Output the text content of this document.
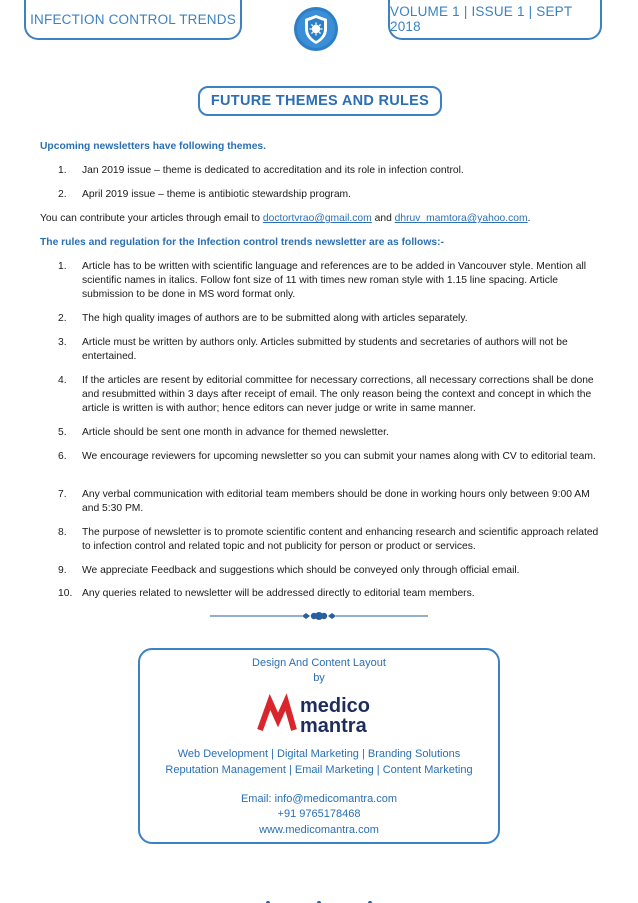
INFECTION CONTROL TRENDS	VOLUME 1 | ISSUE 1 | SEPT 2018
FUTURE THEMES AND RULES
Upcoming newsletters have following themes.
1.	Jan 2019 issue – theme is dedicated to accreditation and its role in infection control.
2.	April 2019 issue – theme is antibiotic stewardship program.
You can contribute your articles through email to doctortvrao@gmail.com and dhruv_mamtora@yahoo.com.
The rules and regulation for the Infection control trends newsletter are as follows:-
1.	Article has to be written with scientific language and references are to be added in Vancouver style. Mention all scientific names in italics. Follow font size of 11 with times new roman style with 1.15 line spacing. Article submission to be done in MS word format only.
2.	The high quality images of authors are to be submitted along with articles separately.
3.	Article must be written by authors only. Articles submitted by students and secretaries of authors will not be entertained.
4.	If the articles are resent by editorial committee for necessary corrections, all necessary corrections shall be done and resubmitted within 3 days after receipt of email. The only reason being the context and concept in which the article is written is with author; hence editors can never judge or write in same manner.
5.	Article should be sent one month in advance for themed newsletter.
6.	We encourage reviewers for upcoming newsletter so you can submit your names along with CV to editorial team.
7.	Any verbal communication with editorial team members should be done in working hours only between 9:00 AM and 5:30 PM.
8.	The purpose of newsletter is to promote scientific content and enhancing research and scientific approach related to infection control and related topic and not publicity for person or product or services.
9.	We appreciate Feedback and suggestions which should be conveyed only through official email.
10. Any queries related to newsletter will be addressed directly to editorial team members.
Design And Content Layout
by
medico
mantra
Web Development | Digital Marketing | Branding Solutions
Reputation Management | Email Marketing | Content Marketing
Email: info@medicomantra.com
+91 9765178468
www.medicomantra.com
